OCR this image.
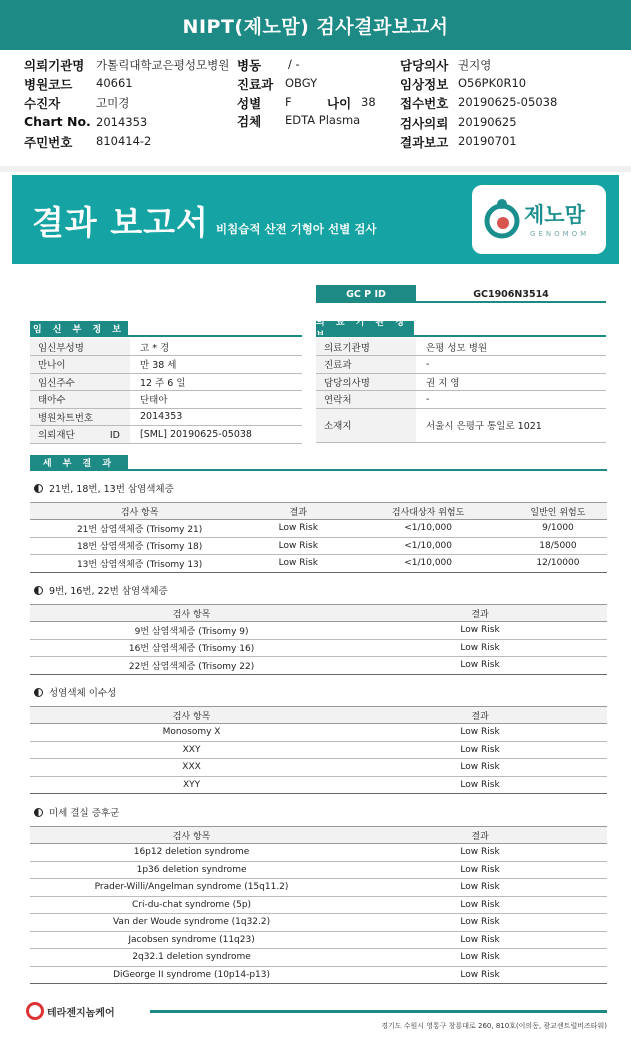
NIPT(제노맘) 검사결과보고서
의뢰기관명 가톨릭대학교은평성모병원 병동 / -	담당의사 권지영
병원코드 40661	진료과 OBGY	임상정보 O56PK0R10
수진자	고미경	성별 F	나이 38 접수번호 20190625-05038
Chart No. 2014353	검체 EDTA Plasma	검사의뢰 20190625
주민번호 810414-2	결과보고 20190701
결과 보고서 비침습적 산전 기형아 선별 검사
제노맘
GENOMOM
GC P ID	GC1906N3514
임 신 부 정 보
임신부성명	고 * 경
만나이	만 38 세
임신주수	12 주 6 일
태아수	단태아
병원차트번호	2014353
의뢰재단 ID	[SML] 20190625-05038
의 료 기 관 정
의료기관명	은평 성모 병원
진료과	-
담당의사명	권 지 영
연락처	-
소재지	서울시 은평구 통일로 1021
세 부 결 과
21번, 18번, 13번 삼염색체증
검사 항목	결과	검사대상자 위험도	일반인 위험도
21번 삼염색체증 (Trisomy 21)	Low Risk	<1/10,000	9/1000
18번 삼염색체증 (Trisomy 18)	Low Risk	<1/10,000	18/5000
13번 삼염색체증 (Trisomy 13)	Low Risk	<1/10,000	12/10000
9번, 16번, 22번 삼염색체증
검사 항목	결과
9번 삼염색체증 (Trisomy 9)	Low Risk
16번 삼염색체증 (Trisomy 16)	Low Risk
22번 삼염색체증 (Trisomy 22)	Low Risk
성염색체 이수성
검사 항목	결과
Monosomy X	Low Risk
XXY	Low Risk
XXX	Low Risk
XYY	Low Risk
미세 결실 증후군
검사 항목	결과
16p12 deletion syndrome	Low Risk
1p36 deletion syndrome	Low Risk
Prader-Willi/Angelman syndrome (15q11.2)	Low Risk
Cri-du-chat syndrome (5p)	Low Risk
Van der Woude syndrome (1q32.2)	Low Risk
Jacobsen syndrome (11q23)	Low Risk
2q32.1 deletion syndrome	Low Risk
DiGeorge II syndrome (10p14-p13)	Low Risk
테라젠지놈케어
경기도 수원시 영통구 창룡대로 260, 810호(이의동, 광교센트럴비즈타워)
